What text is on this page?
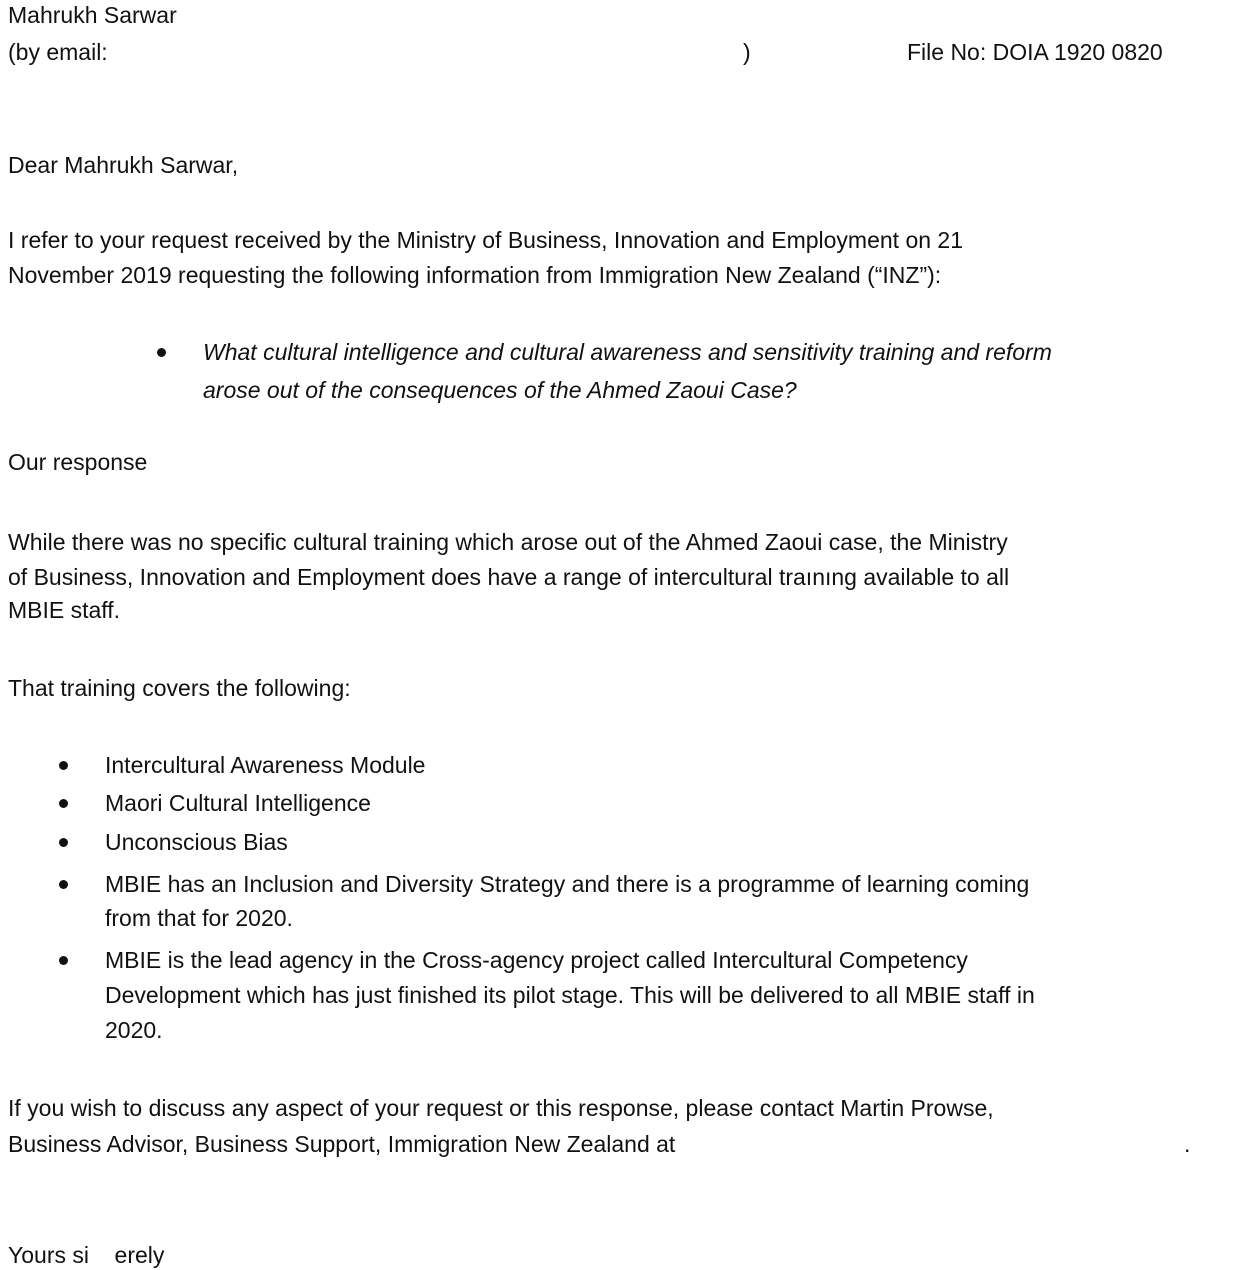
Mahrukh Sarwar
(by email:	)	File No: DOIA 1920 0820
Dear Mahrukh Sarwar,
I refer to your request received by the Ministry of Business, Innovation and Employment on 21
November 2019 requesting the following information from Immigration New Zealand (“INZ”):
What cultural intelligence and cultural awareness and sensitivity training and reform
arose out of the consequences of the Ahmed Zaoui Case?
Our response
While there was no specific cultural training which arose out of the Ahmed Zaoui case, the Ministry
of Business, Innovation and Employment does have a range of intercultural traınıng available to all
MBIE staff.
That training covers the following:
Intercultural Awareness Module
Maori Cultural Intelligence
Unconscious Bias
MBIE has an Inclusion and Diversity Strategy and there is a programme of learning coming
from that for 2020.
MBIE is the lead agency in the Cross-agency project called Intercultural Competency
Development which has just finished its pilot stage. This will be delivered to all MBIE staff in
2020.
If you wish to discuss any aspect of your request or this response, please contact Martin Prowse,
Business Advisor, Business Support, Immigration New Zealand at	.
Yours si    erely
